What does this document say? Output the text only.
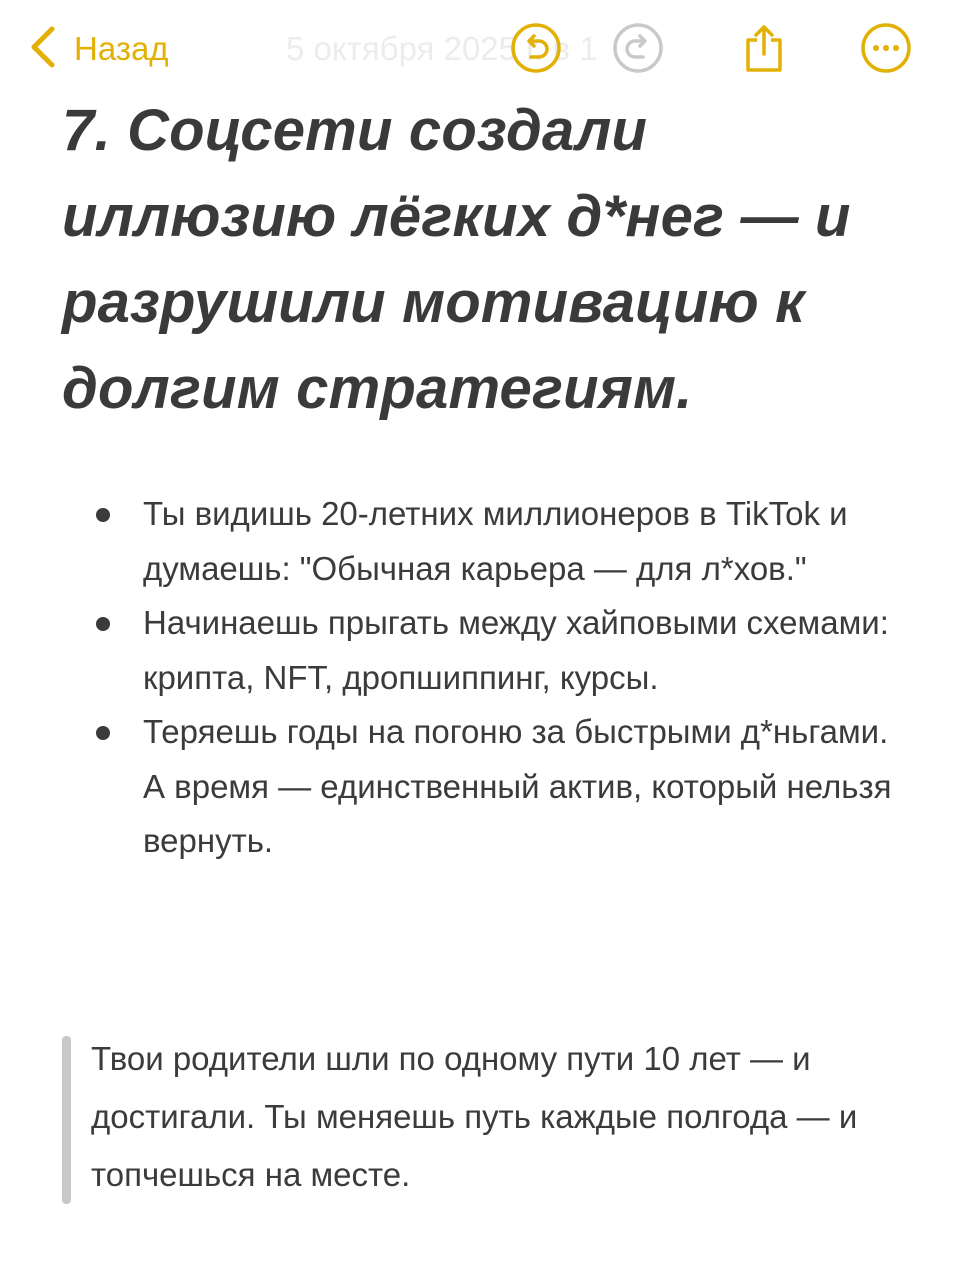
7. Соцсети создали иллюзию лёгких д*нег — и разрушили мотивацию к долгим стратегиям.
Ты видишь 20-летних миллионеров в TikTok и думаешь: "Обычная карьера — для л*хов."
Начинаешь прыгать между хайповыми схемами: крипта, NFT, дропшиппинг, курсы.
Теряешь годы на погоню за быстрыми д*ньгами. А время — единственный актив, который нельзя вернуть.
Твои родители шли по одному пути 10 лет — и достигали. Ты меняешь путь каждые полгода — и топчешься на месте.
5 октября 2025 г. в 1
Назад
